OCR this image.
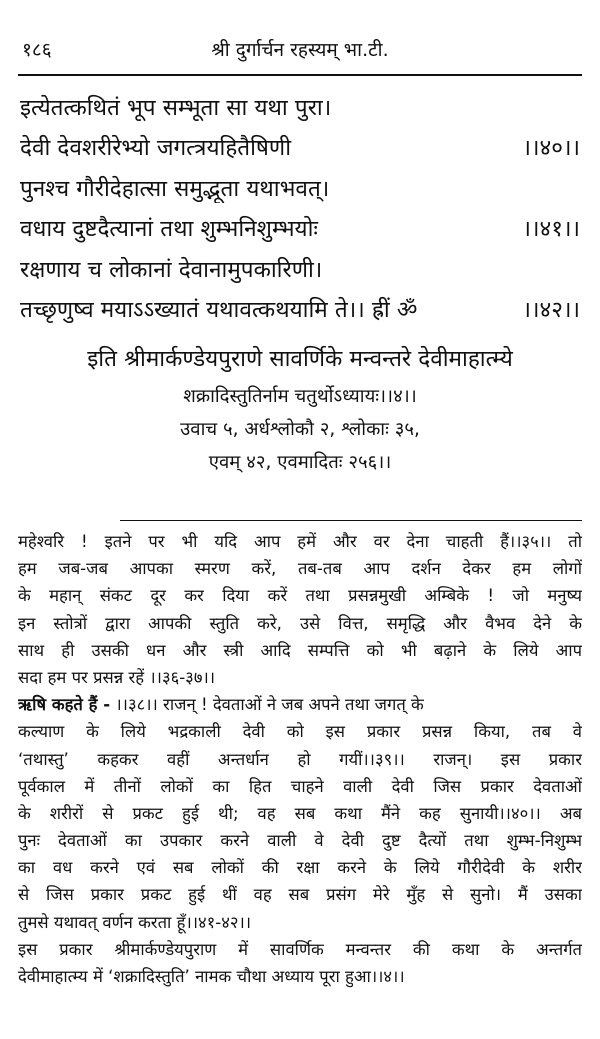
१८६	श्री दुर्गार्चन रहस्यम् भा.टी.
इत्येतत्कथितं भूप सम्भूता सा यथा पुरा।
देवी देवशरीरेभ्यो जगत्त्रयहितैषिणी	।।४०।।
पुनश्च गौरीदेहात्सा समुद्भूता यथाभवत्।
वधाय दुष्टदैत्यानां तथा शुम्भनिशुम्भयोः	।।४१।।
रक्षणाय च लोकानां देवानामुपकारिणी।
तच्छृणुष्व मयाऽऽख्यातं यथावत्कथयामि ते।। ह्रीं ॐ	।।४२।।
इति श्रीमार्कण्डेयपुराणे सावर्णिके मन्वन्तरे देवीमाहात्म्ये
शक्रादिस्तुतिर्नाम चतुर्थोऽध्यायः।।४।।
उवाच ५, अर्धश्लोकौ २, श्लोकाः ३५,
एवम् ४२, एवमादितः २५६।।
महेश्वरि ! इतने पर भी यदि आप हमें और वर देना चाहती हैं।।३५।। तो
हम जब-जब आपका स्मरण करें, तब-तब आप दर्शन देकर हम लोगों
के महान् संकट दूर कर दिया करें तथा प्रसन्नमुखी अम्बिके ! जो मनुष्य
इन स्तोत्रों द्वारा आपकी स्तुति करे, उसे वित्त, समृद्धि और वैभव देने के
साथ ही उसकी धन और स्त्री आदि सम्पत्ति को भी बढ़ाने के लिये आप
सदा हम पर प्रसन्न रहें ।।३६-३७।।
ऋषि कहते हैं - ।।३८।। राजन् ! देवताओं ने जब अपने तथा जगत् के
कल्याण के लिये भद्रकाली देवी को इस प्रकार प्रसन्न किया, तब वे
‘तथास्तु’ कहकर वहीं अन्तर्धान हो गयीं।।३९।। राजन्। इस प्रकार
पूर्वकाल में तीनों लोकों का हित चाहने वाली देवी जिस प्रकार देवताओं
के शरीरों से प्रकट हुई थी; वह सब कथा मैंने कह सुनायी।।४०।। अब
पुनः देवताओं का उपकार करने वाली वे देवी दुष्ट दैत्यों तथा शुम्भ-निशुम्भ
का वध करने एवं सब लोकों की रक्षा करने के लिये गौरीदेवी के शरीर
से जिस प्रकार प्रकट हुई थीं वह सब प्रसंग मेरे मुँह से सुनो। मैं उसका
तुमसे यथावत् वर्णन करता हूँ।।४१-४२।।
इस प्रकार श्रीमार्कण्डेयपुराण में सावर्णिक मन्वन्तर की कथा के अन्तर्गत
देवीमाहात्म्य में ‘शक्रादिस्तुति’ नामक चौथा अध्याय पूरा हुआ।।४।।
